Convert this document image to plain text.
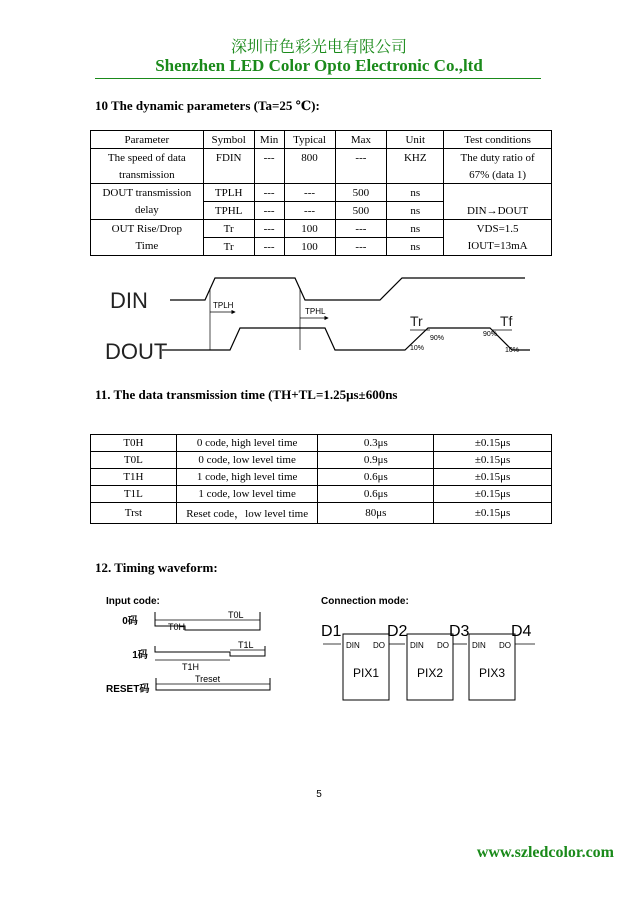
深圳市色彩光电有限公司
Shenzhen LED Color Opto Electronic Co.,ltd
10 The dynamic parameters (Ta=25 ℃):
Parameter	Symbol	Min	Typical	Max	Unit	Test conditions
The speed of data	FDIN	---	800	---	KHZ	The duty ratio of
transmission						67% (data 1)
DOUT transmission	TPLH	---	---	500	ns	DIN→DOUT
delay	TPHL	---	---	500	ns	
OUT Rise/Drop	Tr	---	100	---	ns	VDS=1.5
Time	Tr	---	100	---	ns	IOUT=13mA
DIN
DOUT
TPLH
TPHL
Tr	Tf
90%
10%
90%
10%
11. The data transmission time (TH+TL=1.25μs±600ns
T0H	0 code, high level time	0.3μs	±0.15μs
T0L	0 code, low level time	0.9μs	±0.15μs
T1H	1 code, high level time	0.6μs	±0.15μs
T1L	1 code, low level time	0.6μs	±0.15μs
Trst	Reset code，low level time	80μs	±0.15μs
12. Timing waveform:
Input code:
0码	T0H
T0L
1码
T1H
T1L
RESET码
Treset
Connection mode:
D1	D2	D3	D4
DIN DO	DIN DO	DIN DO
PIX1	PIX2	PIX3
5
www.szledcolor.com
